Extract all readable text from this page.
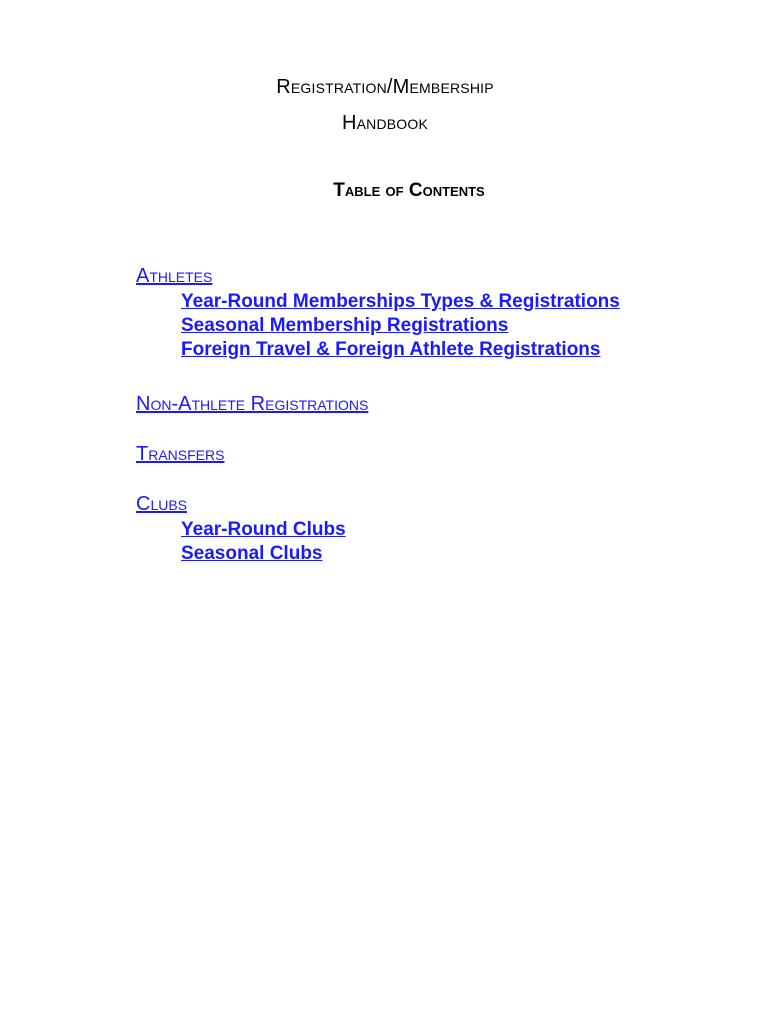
Registration/Membership
Handbook
Table of Contents
Athletes
Year-Round Memberships Types & Registrations
Seasonal Membership Registrations
Foreign Travel & Foreign Athlete Registrations
Non-Athlete Registrations
Transfers
Clubs
Year-Round Clubs
Seasonal Clubs
